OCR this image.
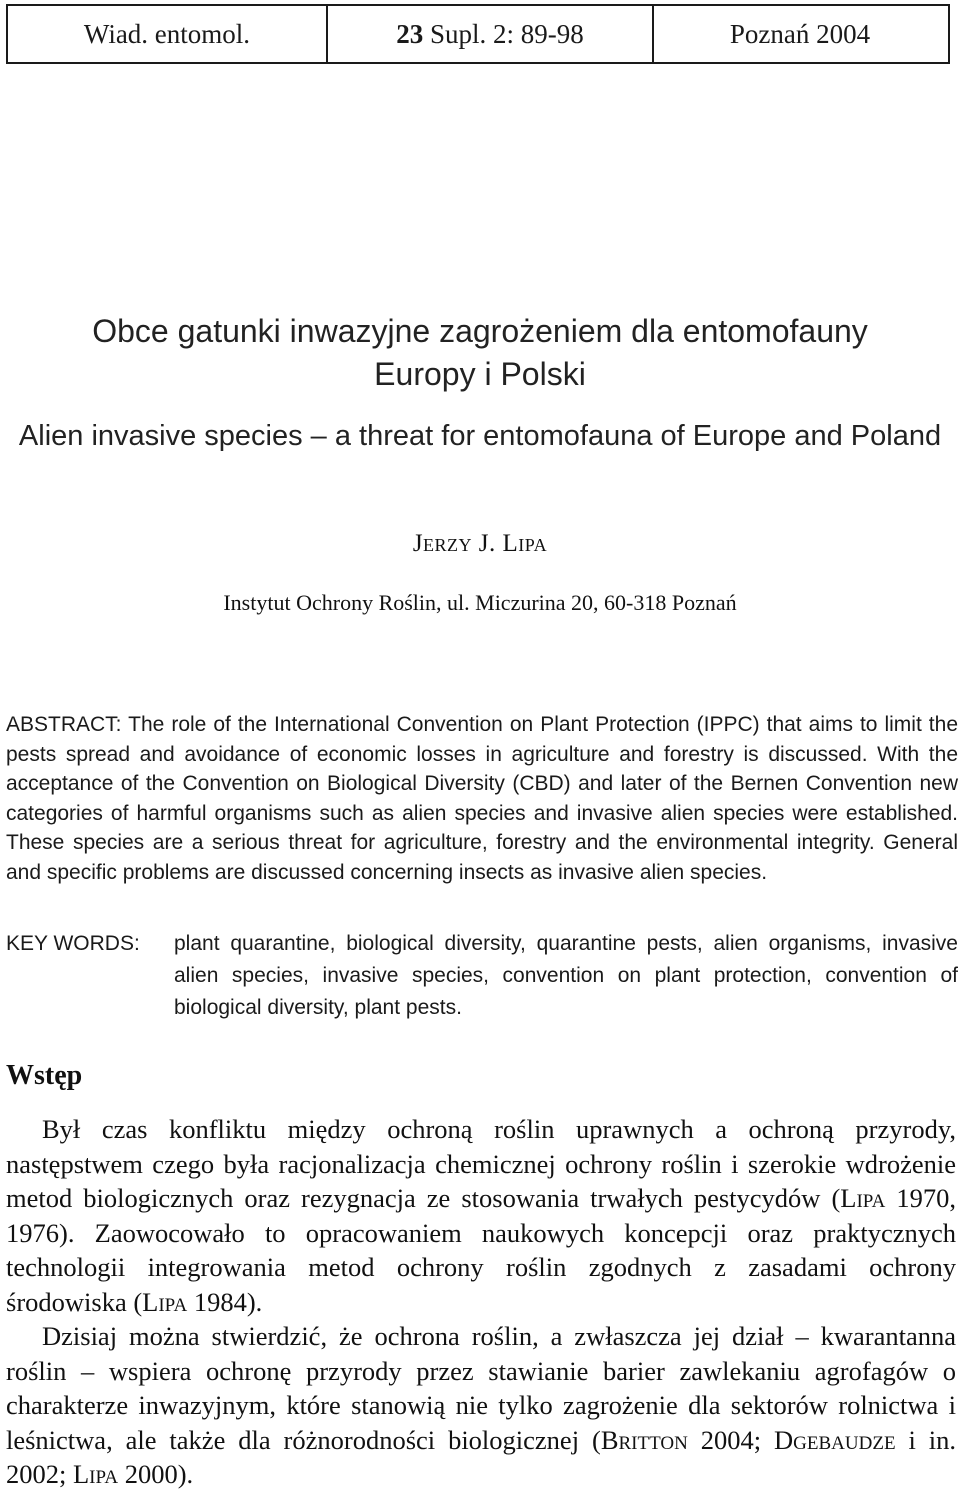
Wiad. entomol.	23
Supl. 2: 89-98	Poznań 2004
Obce gatunki inwazyjne zagrożeniem dla entomofauny
Europy i Polski
Alien invasive species – a threat for entomofauna of Europe and Poland
Jerzy J. Lipa
Instytut Ochrony Roślin, ul. Miczurina 20, 60-318 Poznań
ABSTRACT: The role of the International Convention on Plant Protection (IPPC) that aims to limit the pests spread and avoidance of economic losses in agriculture and forestry is discussed. With the acceptance of the Convention on Biological Diversity (CBD) and later of the Bernen Convention new categories of harmful organisms such as alien species and invasive alien species were established. These species are a serious threat for agriculture, forestry and the environmental integrity. General and specific problems are discussed concerning insects as invasive alien species.
KEY WORDS: plant quarantine, biological diversity, quarantine pests, alien organisms, invasive alien species, invasive species, convention on plant protection, convention of biological diversity, plant pests.
Wstęp

Był czas konfliktu między ochroną roślin uprawnych a ochroną przyrody, następstwem czego była racjonalizacja chemicznej ochrony roślin i szerokie wdrożenie metod biologicznych oraz rezygnacja ze stosowania trwałych pestycydów (Lipa 1970, 1976). Zaowocowało to opracowaniem naukowych koncepcji oraz praktycznych technologii integrowania metod ochrony roślin zgodnych z zasadami ochrony środowiska (Lipa 1984).

Dzisiaj można stwierdzić, że ochrona roślin, a zwłaszcza jej dział – kwarantanna roślin – wspiera ochronę przyrody przez stawianie barier zawlekaniu agrofagów o charakterze inwazyjnym, które stanowią nie tylko zagrożenie dla sektorów rolnictwa i leśnictwa, ale także dla różnorodności biologicznej (Britton 2004; Dgebaudze i in. 2002; Lipa 2000).
